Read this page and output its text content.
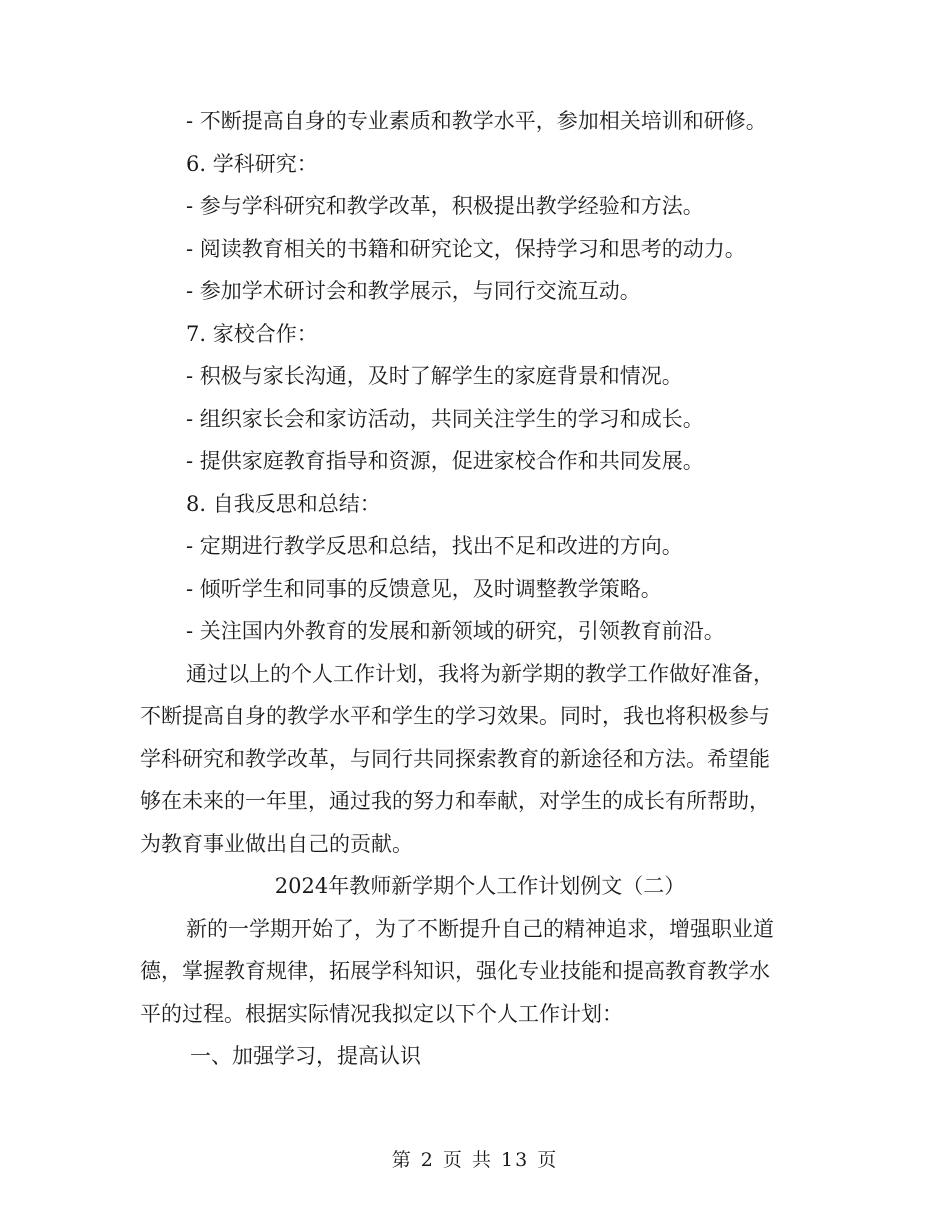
- 不断提高自身的专业素质和教学水平，参加相关培训和研修。
6. 学科研究：
- 参与学科研究和教学改革，积极提出教学经验和方法。
- 阅读教育相关的书籍和研究论文，保持学习和思考的动力。
- 参加学术研讨会和教学展示，与同行交流互动。
7. 家校合作：
- 积极与家长沟通，及时了解学生的家庭背景和情况。
- 组织家长会和家访活动，共同关注学生的学习和成长。
- 提供家庭教育指导和资源，促进家校合作和共同发展。
8. 自我反思和总结：
- 定期进行教学反思和总结，找出不足和改进的方向。
- 倾听学生和同事的反馈意见，及时调整教学策略。
- 关注国内外教育的发展和新领域的研究，引领教育前沿。
通过以上的个人工作计划，我将为新学期的教学工作做好准备，
不断提高自身的教学水平和学生的学习效果。同时，我也将积极参与
学科研究和教学改革，与同行共同探索教育的新途径和方法。希望能
够在未来的一年里，通过我的努力和奉献，对学生的成长有所帮助，
为教育事业做出自己的贡献。
2024年教师新学期个人工作计划例文（二）
新的一学期开始了，为了不断提升自己的精神追求，增强职业道
德，掌握教育规律，拓展学科知识，强化专业技能和提高教育教学水
平的过程。根据实际情况我拟定以下个人工作计划：
一、加强学习，提高认识
第 2 页 共 13 页
